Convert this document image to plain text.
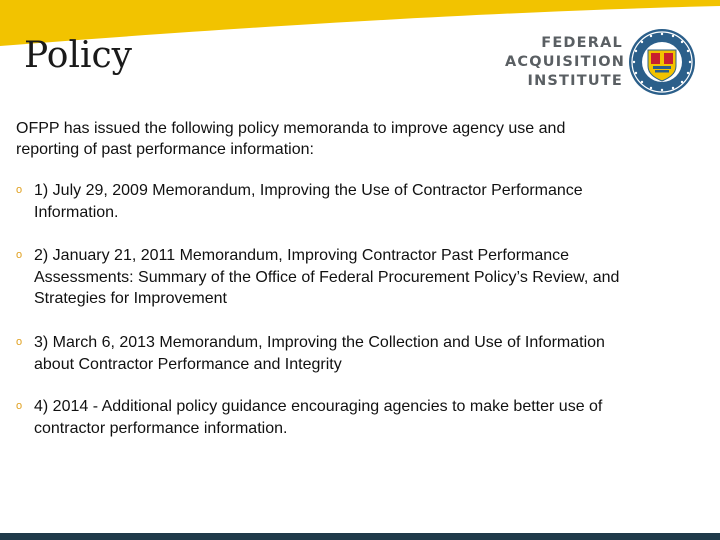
Policy	FEDERAL
ACQUISITION
INSTITUTE

OFPP has issued the following policy memoranda to improve agency use and reporting of past performance information:

o 1) July 29, 2009 Memorandum, Improving the Use of Contractor Performance Information.
o 2) January 21, 2011 Memorandum, Improving Contractor Past Performance Assessments: Summary of the Office of Federal Procurement Policy’s Review, and Strategies for Improvement
o 3) March 6, 2013 Memorandum, Improving the Collection and Use of Information about Contractor Performance and Integrity
o 4) 2014 - Additional policy guidance encouraging agencies to make better use of contractor performance information.
